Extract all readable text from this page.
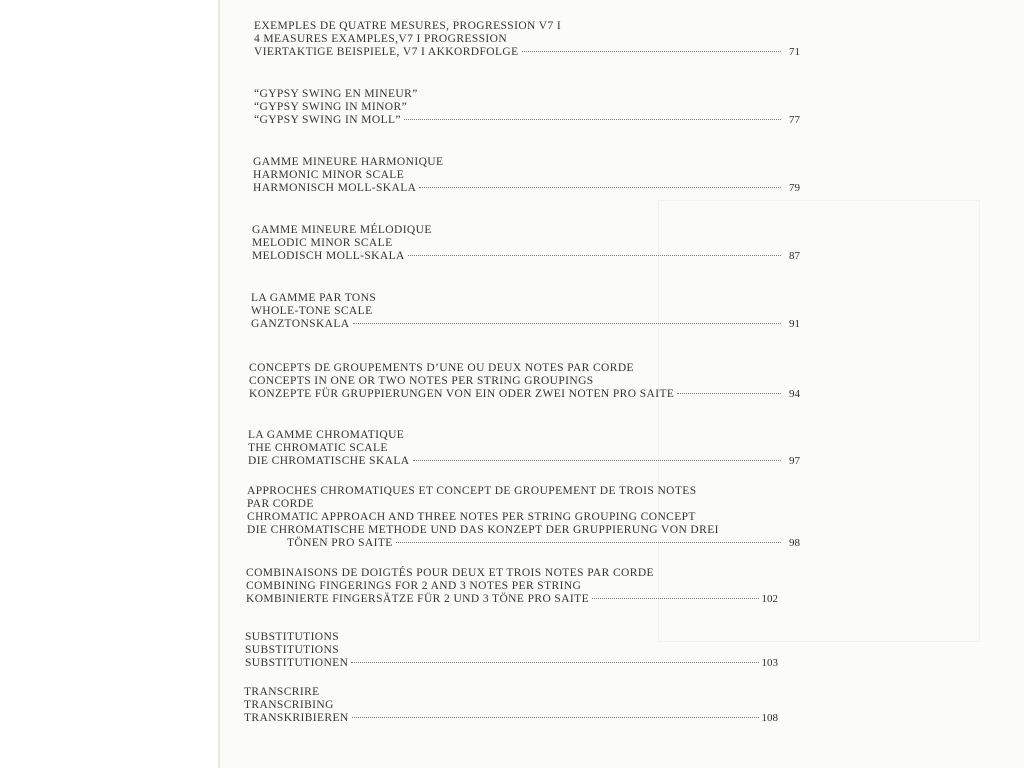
EXEMPLES DE QUATRE MESURES, PROGRESSION V7 I
4 MEASURES EXAMPLES,V7 I PROGRESSION
VIERTAKTIGE BEISPIELE, V7 I AKKORDFOLGE	71
“GYPSY SWING EN MINEUR”
“GYPSY SWING IN MINOR”
“GYPSY SWING IN MOLL”	77
GAMME MINEURE HARMONIQUE
HARMONIC MINOR SCALE
HARMONISCH MOLL-SKALA	79
GAMME MINEURE MÉLODIQUE
MELODIC MINOR SCALE
MELODISCH MOLL-SKALA	87
LA GAMME PAR TONS
WHOLE-TONE SCALE
GANZTONSKALA	91
CONCEPTS DE GROUPEMENTS D’UNE OU DEUX NOTES PAR CORDE
CONCEPTS IN ONE OR TWO NOTES PER STRING GROUPINGS
KONZEPTE FÜR GRUPPIERUNGEN VON EIN ODER ZWEI NOTEN PRO SAITE	94
LA GAMME CHROMATIQUE
THE CHROMATIC SCALE
DIE CHROMATISCHE SKALA	97
APPROCHES CHROMATIQUES ET CONCEPT DE GROUPEMENT DE TROIS NOTES
PAR CORDE
CHROMATIC APPROACH AND THREE NOTES PER STRING GROUPING CONCEPT
DIE CHROMATISCHE METHODE UND DAS KONZEPT DER GRUPPIERUNG VON DREI
TÖNEN PRO SAITE	98
COMBINAISONS DE DOIGTÉS POUR DEUX ET TROIS NOTES PAR CORDE
COMBINING FINGERINGS FOR 2 AND 3 NOTES PER STRING
KOMBINIERTE FINGERSÄTZE FÜR 2 UND 3 TÖNE PRO SAITE	102
SUBSTITUTIONS
SUBSTITUTIONS
SUBSTITUTIONEN	103
TRANSCRIRE
TRANSCRIBING
TRANSKRIBIEREN	108
